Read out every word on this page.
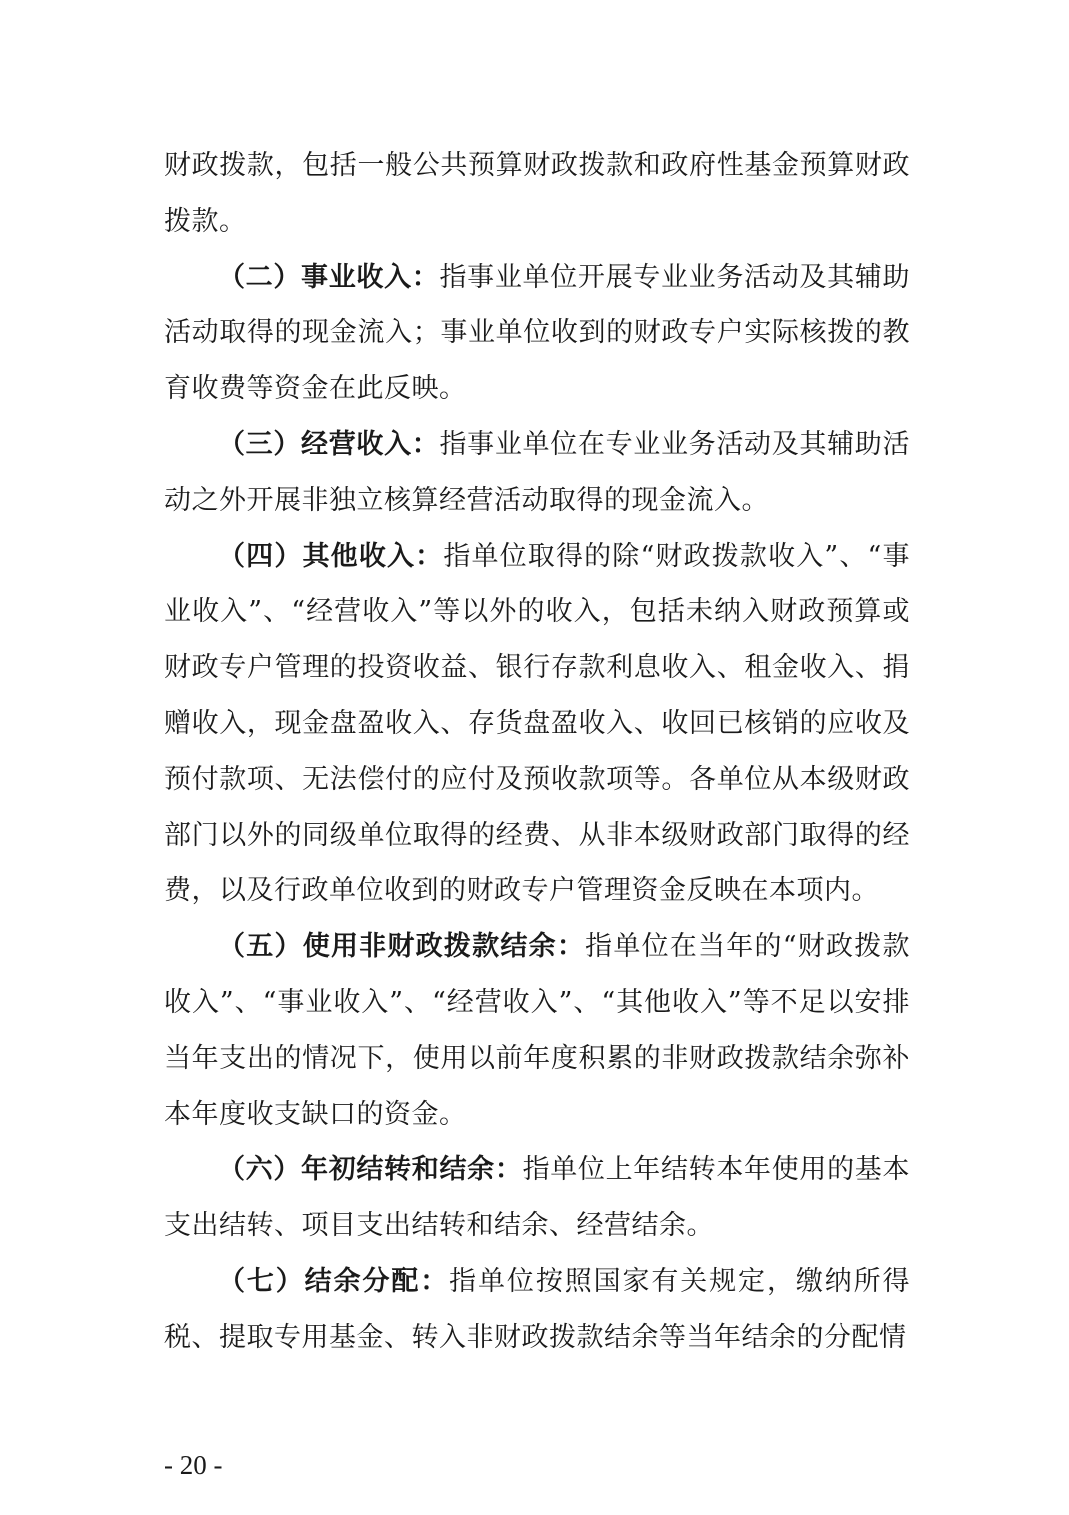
财政拨款，包括一般公共预算财政拨款和政府性基金预算财政拨款。

（二）事业收入：指事业单位开展专业业务活动及其辅助活动取得的现金流入；事业单位收到的财政专户实际核拨的教育收费等资金在此反映。

（三）经营收入：指事业单位在专业业务活动及其辅助活动之外开展非独立核算经营活动取得的现金流入。

（四）其他收入：指单位取得的除“财政拨款收入”、“事业收入”、“经营收入”等以外的收入，包括未纳入财政预算或财政专户管理的投资收益、银行存款利息收入、租金收入、捐赠收入，现金盘盈收入、存货盘盈收入、收回已核销的应收及预付款项、无法偿付的应付及预收款项等。各单位从本级财政部门以外的同级单位取得的经费、从非本级财政部门取得的经费，以及行政单位收到的财政专户管理资金反映在本项内。

（五）使用非财政拨款结余：指单位在当年的“财政拨款收入”、“事业收入”、“经营收入”、“其他收入”等不足以安排当年支出的情况下，使用以前年度积累的非财政拨款结余弥补本年度收支缺口的资金。

（六）年初结转和结余：指单位上年结转本年使用的基本支出结转、项目支出结转和结余、经营结余。

（七）结余分配：指单位按照国家有关规定，缴纳所得税、提取专用基金、转入非财政拨款结余等当年结余的分配情

- 20 -
